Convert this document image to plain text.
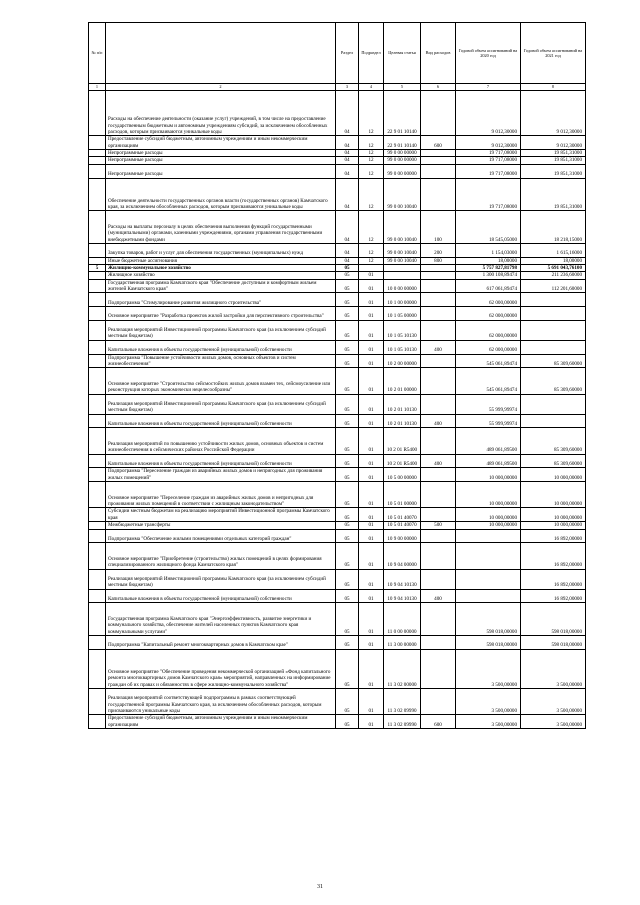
№ п/п		Раздел	Подраздел	Целевая статья	Вид расходов	Годовой объем ассигнований на 2020 год	Годовой объем ассигнований на 2021 год
1	2	3	4	5	6	7	8
	Расходы на обеспечение деятельности (оказание услуг) учреждений, в том числе на предоставление государственным бюджетным и автономным учреждениям субсидий, за исключением обособленных расходов, которым присваиваются уникальные коды	04	12	22 9 01 10140		9 012,30000	9 012,30000
	Предоставление субсидий бюджетным, автономным учреждениям и иным некоммерческим организациям	04	12	22 9 01 10140	600	9 012,30000	9 012,30000
	Непрограммные расходы	04	12	99 0 00 00000		19 717,08000	19 851,31000
	Непрограммные расходы	04	12	99 0 00 00000		19 717,08000	19 851,31000
	Непрограммные расходы	04	12	99 0 00 00000		19 717,08000	19 851,31000
	Обеспечение деятельности государственных органов власти (государственных органов) Камчатского края, за исключением обособленных расходов, которым присваиваются уникальные коды	04	12	99 0 00 10040		19 717,08000	19 851,31000
	Расходы на выплаты персоналу в целях обеспечения выполнения функций государственными (муниципальными) органами, казенными учреждениями, органами управления государственными внебюджетными фондами	04	12	99 0 00 10040	100	18 545,05000	18 218,15000
	Закупка товаров, работ и услуг для обеспечения государственных (муниципальных) нужд	04	12	99 0 00 10040	200	1 154,03000	1 615,16000
	Иные бюджетные ассигнования	04	12	99 0 00 10040	800	18,00000	18,00000
5	Жилищно-коммунальное хозяйство	05				5 757 827,81798	5 691 043,76100
	Жилищное хозяйство	05	01			1 300 108,89474	211 236,60000
	Государственная программа Камчатского края "Обеспечение доступным и комфортным жильем жителей Камчатского края"	05	01	10 0 00 00000		617 061,89474	112 201,60000
	Подпрограмма "Стимулирование развития жилищного строительства"	05	01	10 1 00 00000		62 000,00000	
	Основное мероприятие "Разработка проектов жилой застройки для перспективного строительства"	05	01	10 1 05 00000		62 000,00000	
	Реализация мероприятий Инвестиционной программы Камчатского края (за исключением субсидий местным бюджетам)	05	01	10 1 05 10130		62 000,00000	
	Капитальные вложения в объекты государственной (муниципальной) собственности	05	01	10 1 05 10130	400	62 000,00000	
	Подпрограмма "Повышение устойчивости жилых домов, основных объектов и систем жизнеобеспечения"	05	01	10 2 00 00000		545 061,89474	85 309,60000
	Основное мероприятие "Строительство сейсмостойких жилых домов взамен тех, сейсмоусиление или реконструкция которых экономически нецелесообразны"	05	01	10 2 01 00000		545 061,89474	85 309,60000
	Реализация мероприятий Инвестиционной программы Камчатского края (за исключением субсидий местным бюджетам)	05	01	10 2 01 10130		55 999,99974	
	Капитальные вложения в объекты государственной (муниципальной) собственности	05	01	10 2 01 10130	400	55 999,99974	
	Реализация мероприятий по повышению устойчивости жилых домов, основных объектов и систем жизнеобеспечения в сейсмических районах Российской Федерации	05	01	10 2 01 R5400		489 061,89500	85 309,60000
	Капитальные вложения в объекты государственной (муниципальной) собственности	05	01	10 2 01 R5400	400	489 061,89500	85 309,60000
	Подпрограмма "Переселение граждан из аварийных жилых домов и непригодных для проживания жилых помещений"	05	01	10 5 00 00000		10 000,00000	10 000,00000
	Основное мероприятие "Переселение граждан из аварийных жилых домов и непригодных для проживания жилых помещений в соответствии с жилищным законодательством"	05	01	10 5 01 00000		10 000,00000	10 000,00000
	Субсидии местным бюджетам на реализацию мероприятий Инвестиционной программы Камчатского края	05	01	10 5 01 40070		10 000,00000	10 000,00000
	Межбюджетные трансферты	05	01	10 5 01 40070	500	10 000,00000	10 000,00000
	Подпрограмма "Обеспечение жилыми помещениями отдельных категорий граждан"	05	01	10 9 00 00000			16 892,00000
	Основное мероприятие "Приобретение (строительство) жилых помещений в целях формирования специализированного жилищного фонда Камчатского края"	05	01	10 9 04 00000			16 892,00000
	Реализация мероприятий Инвестиционной программы Камчатского края (за исключением субсидий местным бюджетам)	05	01	10 9 04 10130			16 892,00000
	Капитальные вложения в объекты государственной (муниципальной) собственности	05	01	10 9 04 10130	400		16 892,00000
	Государственная программа Камчатского края "Энергоэффективность, развитие энергетики и коммунального хозяйства, обеспечение жителей населенных пунктов Камчатского края коммунальными услугами"	05	01	11 0 00 00000		598 018,00000	598 018,00000
	Подпрограмма "Капитальный ремонт многоквартирных домов в Камчатском крае"	05	01	11 3 00 00000		598 018,00000	598 018,00000
	Основное мероприятие "Обеспечение проведения некоммерческой организацией «Фонд капитального ремонта многоквартирных домов Камчатского края» мероприятий, направленных на информирование граждан об их правах и обязанностях в сфере жилищно-коммунального хозяйства"	05	01	11 3 02 00000		3 500,00000	3 500,00000
	Реализация мероприятий соответствующей подпрограммы в рамках соответствующей государственной программы Камчатского края, за исключением обособленных расходов, которым присваиваются уникальные коды	05	01	11 3 02 09990		3 500,00000	3 500,00000
	Предоставление субсидий бюджетным, автономным учреждениям и иным некоммерческим организациям	05	01	11 3 02 09990	600	3 500,00000	3 500,00000
31
